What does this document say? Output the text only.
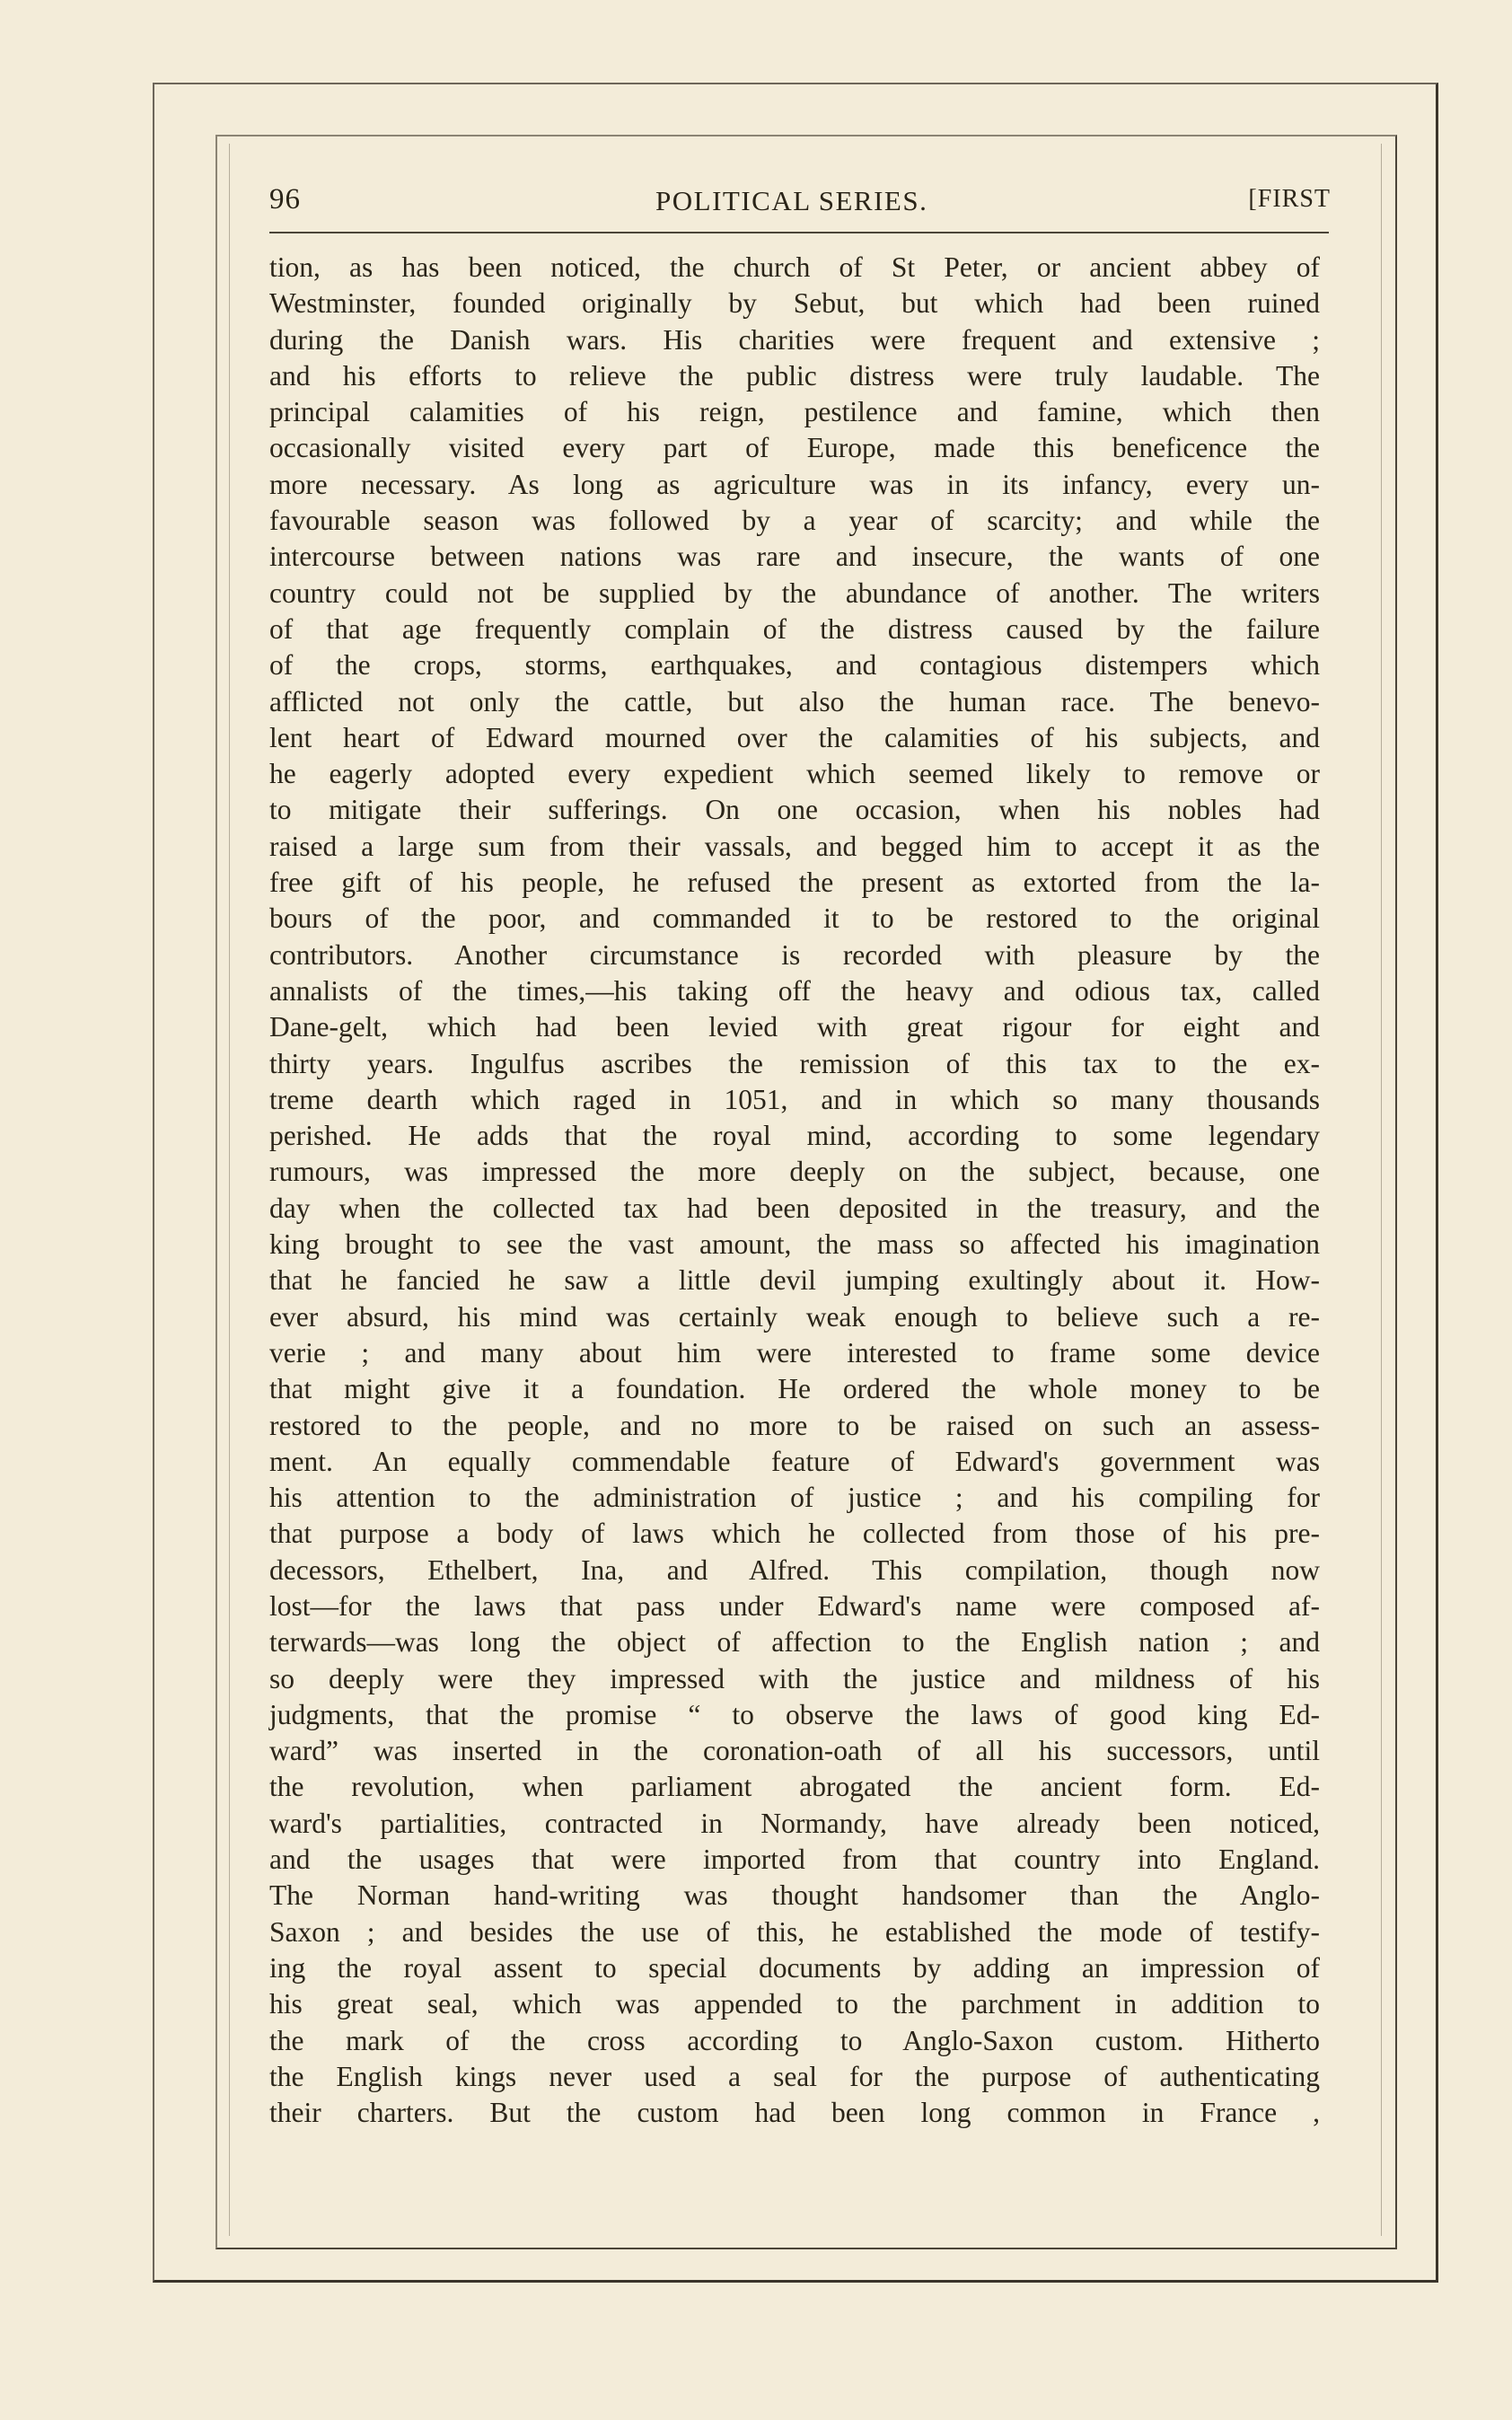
96	POLITICAL SERIES.	[FIRST
tion, as has been noticed, the church of St Peter, or ancient abbey of
Westminster, founded originally by Sebut, but which had been ruined
during the Danish wars. His charities were frequent and extensive ;
and his efforts to relieve the public distress were truly laudable. The
principal calamities of his reign, pestilence and famine, which then
occasionally visited every part of Europe, made this beneficence the
more necessary. As long as agriculture was in its infancy, every un-
favourable season was followed by a year of scarcity; and while the
intercourse between nations was rare and insecure, the wants of one
country could not be supplied by the abundance of another. The writers
of that age frequently complain of the distress caused by the failure
of the crops, storms, earthquakes, and contagious distempers which
afflicted not only the cattle, but also the human race. The benevo-
lent heart of Edward mourned over the calamities of his subjects, and
he eagerly adopted every expedient which seemed likely to remove or
to mitigate their sufferings. On one occasion, when his nobles had
raised a large sum from their vassals, and begged him to accept it as the
free gift of his people, he refused the present as extorted from the la-
bours of the poor, and commanded it to be restored to the original
contributors. Another circumstance is recorded with pleasure by the
annalists of the times,—his taking off the heavy and odious tax, called
Dane-gelt, which had been levied with great rigour for eight and
thirty years. Ingulfus ascribes the remission of this tax to the ex-
treme dearth which raged in 1051, and in which so many thousands
perished. He adds that the royal mind, according to some legendary
rumours, was impressed the more deeply on the subject, because, one
day when the collected tax had been deposited in the treasury, and the
king brought to see the vast amount, the mass so affected his imagination
that he fancied he saw a little devil jumping exultingly about it. How-
ever absurd, his mind was certainly weak enough to believe such a re-
verie ; and many about him were interested to frame some device
that might give it a foundation. He ordered the whole money to be
restored to the people, and no more to be raised on such an assess-
ment. An equally commendable feature of Edward's government was
his attention to the administration of justice ; and his compiling for
that purpose a body of laws which he collected from those of his pre-
decessors, Ethelbert, Ina, and Alfred. This compilation, though now
lost—for the laws that pass under Edward's name were composed af-
terwards—was long the object of affection to the English nation ; and
so deeply were they impressed with the justice and mildness of his
judgments, that the promise “ to observe the laws of good king Ed-
ward” was inserted in the coronation-oath of all his successors, until
the revolution, when parliament abrogated the ancient form. Ed-
ward's partialities, contracted in Normandy, have already been noticed,
and the usages that were imported from that country into England.
The Norman hand-writing was thought handsomer than the Anglo-
Saxon ; and besides the use of this, he established the mode of testify-
ing the royal assent to special documents by adding an impression of
his great seal, which was appended to the parchment in addition to
the mark of the cross according to Anglo-Saxon custom. Hitherto
the English kings never used a seal for the purpose of authenticating
their charters. But the custom had been long common in France ,
